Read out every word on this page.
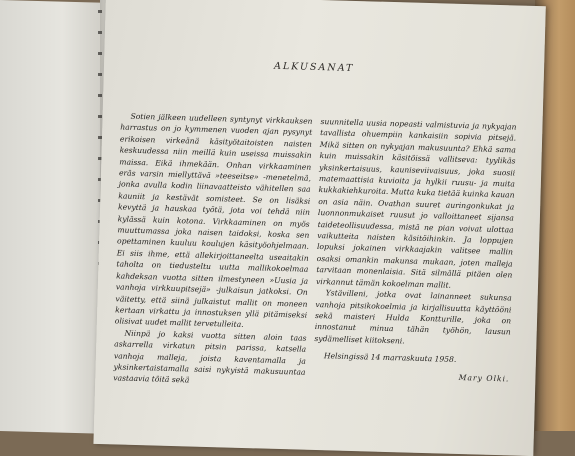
ALKUSANAT

Sotien jälkeen uudelleen syntynyt virkkauksen harrastus on jo kymmenen vuoden ajan pysynyt erikoisen virkeänä käsityötaitoisten naisten keskuudessa niin meillä kuin useissa muissakin maissa. Eikä ihmekään. Onhan virkkaaminen eräs varsin miellyttävä »teeseitse» -menetelmä, jonka avulla kodin liinavaatteisto vähitellen saa kauniit ja kestävät somisteet. Se on lisäksi kevyttä ja hauskaa työtä, jota voi tehdä niin kylässä kuin kotona. Virkkaaminen on myös muuttumassa joka naisen taidoksi, koska sen opettaminen kuuluu koulujen käsityöohjelmaan. Ei siis ihme, että allekirjoittaneelta useaitakin taholta on tiedusteltu uutta mallikokoelmaa kahdeksan vuotta sitten ilmestyneen »Uusia ja vanhoja virkkuupitsejä» -julkaisun jatkoksi. On väitetty, että siinä julkaistut mallit on moneen kertaan virkattu ja innostuksen yllä pitämiseksi olisivat uudet mallit tervetulleita.

Niinpä jo kaksi vuotta sitten aloin taas askarrella virkatun pitsin parissa, katsella vanhoja malleja, joista kaventamalla ja yksinkertaistamalla saisi nykyistä makusuuntaa vastaavia töitä sekä

suunnitella uusia nopeasti valmistuvia ja nykyajan tavallista ohuempiin kankaisiin sopivia pitsejä. Mikä sitten on nykyajan makusuunta? Ehkä sama kuin muissakin käsitöissä vallitseva: tyylikäs yksinkertaisuus, kauniseviivaisuus, joka suosii matemaattisia kuvioita ja hylkii ruusu- ja muita kukkakiehkuroita. Mutta kuka tietää kuinka kauan on asia näin. Ovathan suuret auringonkukat ja luonnonmukaiset ruusut jo valloittaneet sijansa taideteollisuudessa, mistä ne pian voivat ulottaa vaikutteita naisten käsitöihinkin. Ja loppujen lopuksi jokainen virkkaajakin valitsee mallin osaksi omankin makunsa mukaan, joten malleja tarvitaan monenlaisia. Sitä silmällä pitäen olen virkannut tämän kokoelman mallit.

Ystävilleni, jotka ovat lainanneet sukunsa vanhoja pitsikokoelmia ja kirjallisuutta käyttööni sekä maisteri Hulda Kontturille, joka on innostanut minua tähän työhön, lausun sydämelliset kiitokseni.

Helsingissä 14 marraskuuta 1958.

Mary Olki.
